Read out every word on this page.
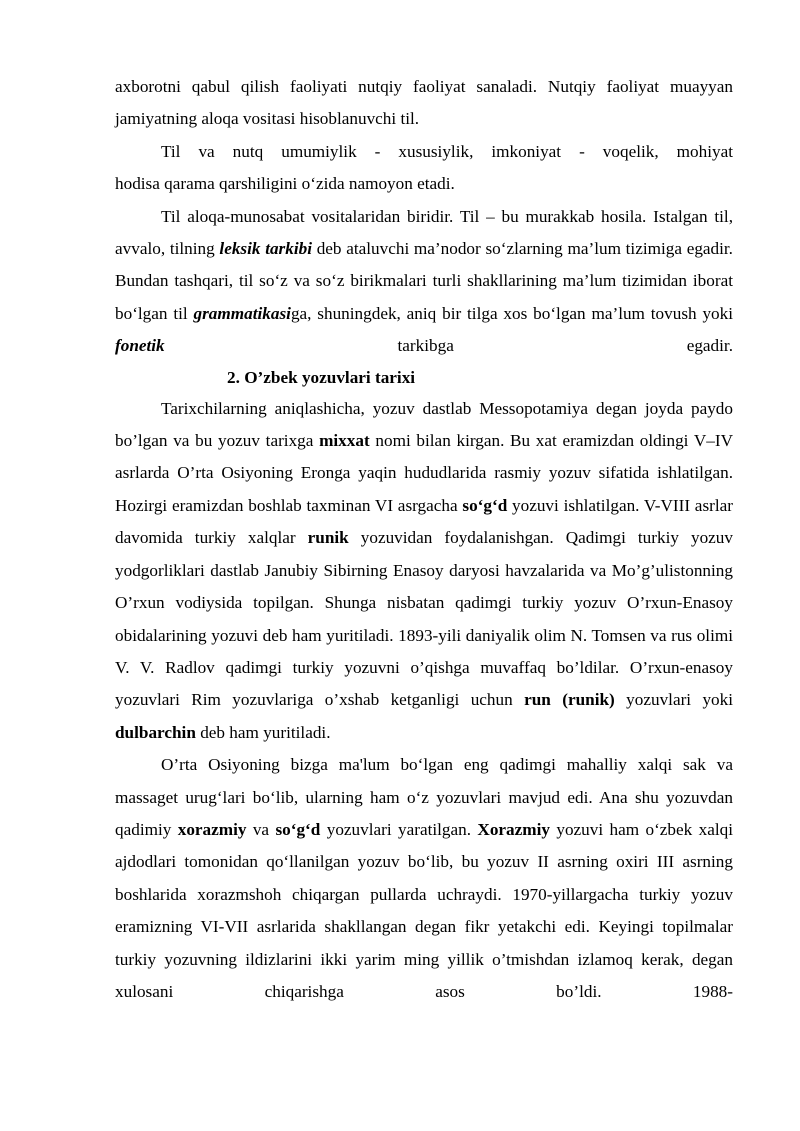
axborotni qabul qilish faoliyati nutqiy faoliyat sanaladi. Nutqiy faoliyat muayyan jamiyatning aloqa vositasi hisoblanuvchi til.

Til va nutq umumiylik - xususiylik, imkoniyat - voqelik, mohiyat

hodisa qarama qarshiligini o‘zida namoyon etadi.

Til aloqa-munosabat vositalaridan biridir. Til – bu murakkab hosila. Istalgan til, avvalo, tilning leksik tarkibi deb ataluvchi ma’nodor so‘zlarning ma’lum tizimiga egadir. Bundan tashqari, til so‘z va so‘z birikmalari turli shakllarining ma’lum tizimidan iborat bo‘lgan til grammatikasiga, shuningdek, aniq bir tilga xos bo‘lgan ma’lum tovush yoki fonetik tarkibga egadir.

2. O’zbek yozuvlari tarixi

Tarixchilarning aniqlashicha, yozuv dastlab Messopotamiya degan joyda paydo bo’lgan va bu yozuv tarixga mixxat nomi bilan kirgan. Bu xat eramizdan oldingi V–IV asrlarda O’rta Osiyoning Eronga yaqin hududlarida rasmiy yozuv sifatida ishlatilgan. Hozirgi eramizdan boshlab taxminan VI asrgacha so‘g‘d yozuvi ishlatilgan. V-VIII asrlar davomida turkiy xalqlar runik yozuvidan foydalanishgan. Qadimgi turkiy yozuv yodgorliklari dastlab Janubiy Sibirning Enasoy daryosi havzalarida va Mo’g’ulistonning O’rxun vodiysida topilgan. Shunga nisbatan qadimgi turkiy yozuv O’rxun-Enasoy obidalarining yozuvi deb ham yuritiladi. 1893-yili daniyalik olim N. Tomsen va rus olimi V. V. Radlov qadimgi turkiy yozuvni o’qishga muvaffaq bo’ldilar. O’rxun-enasoy yozuvlari Rim yozuvlariga o’xshab ketganligi uchun run (runik) yozuvlari yoki dulbarchin deb ham yuritiladi.

O’rta Osiyoning bizga ma'lum bo‘lgan eng qadimgi mahalliy xalqi sak va massaget urug‘lari bo‘lib, ularning ham o‘z yozuvlari mavjud edi. Ana shu yozuvdan qadimiy xorazmiy va so‘g‘d yozuvlari yaratilgan. Xorazmiy yozuvi ham o‘zbek xalqi ajdodlari tomonidan qo‘llanilgan yozuv bo‘lib, bu yozuv II asrning oxiri III asrning boshlarida xorazmshoh chiqargan pullarda uchraydi. 1970-yillargacha turkiy yozuv eramizning VI-VII asrlarida shakllangan degan fikr yetakchi edi. Keyingi topilmalar turkiy yozuvning ildizlarini ikki yarim ming yillik o’tmishdan izlamoq kerak, degan xulosani chiqarishga asos bo’ldi. 1988-
